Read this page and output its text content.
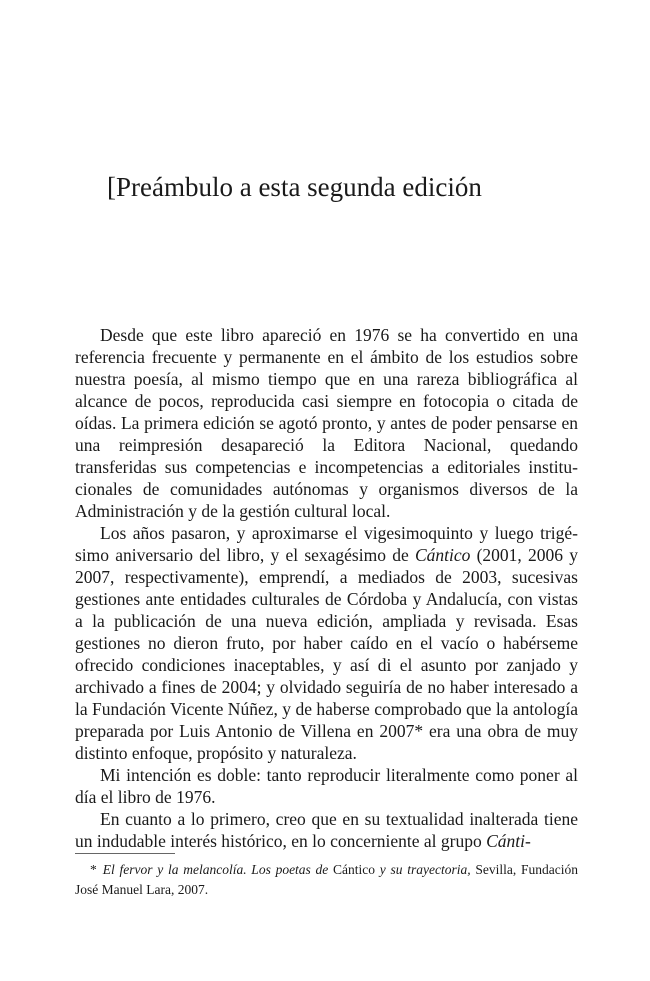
[Preámbulo a esta segunda edición

Desde que este libro apareció en 1976 se ha convertido en una referencia frecuente y permanente en el ámbito de los estudios sobre nuestra poesía, al mismo tiempo que en una rareza bibliográfica al alcance de pocos, reproducida casi siempre en fotocopia o citada de oídas. La primera edición se agotó pronto, y antes de poder pensarse en una reimpresión desapareció la Editora Nacional, quedando transferidas sus competencias e incompetencias a editoriales institucionales de comunidades autónomas y organismos diversos de la Administración y de la gestión cultural local.

Los años pasaron, y aproximarse el vigesimoquinto y luego trigésimo aniversario del libro, y el sexagésimo de Cántico (2001, 2006 y 2007, respectivamente), emprendí, a mediados de 2003, sucesivas gestiones ante entidades culturales de Córdoba y Andalucía, con vistas a la publicación de una nueva edición, ampliada y revisada. Esas gestiones no dieron fruto, por haber caído en el vacío o habérseme ofrecido condiciones inaceptables, y así di el asunto por zanjado y archivado a fines de 2004; y olvidado seguiría de no haber interesado a la Fundación Vicente Núñez, y de haberse comprobado que la antología preparada por Luis Antonio de Villena en 2007* era una obra de muy distinto enfoque, propósito y naturaleza.

Mi intención es doble: tanto reproducir literalmente como poner al día el libro de 1976.

En cuanto a lo primero, creo que en su textualidad inalterada tiene un indudable interés histórico, en lo concerniente al grupo Cánti-

* El fervor y la melancolía. Los poetas de Cántico y su trayectoria, Sevilla, Fundación José Manuel Lara, 2007.
